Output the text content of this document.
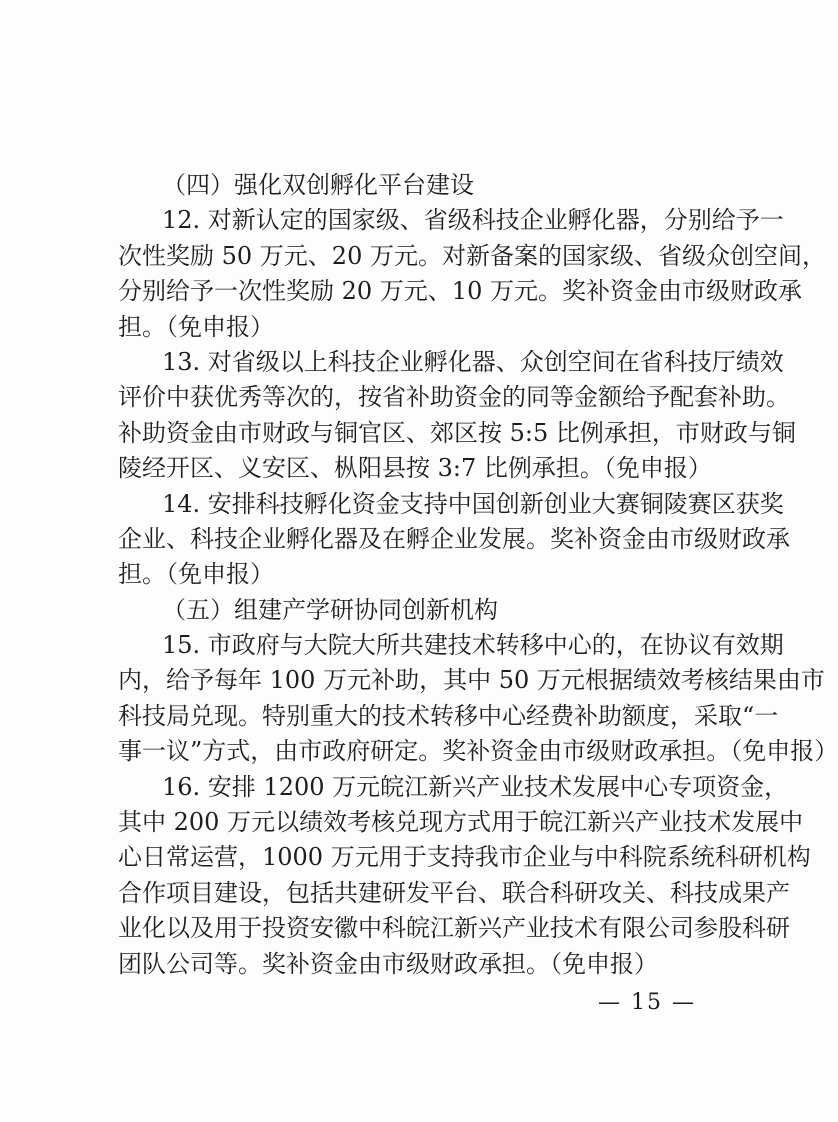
（四）强化双创孵化平台建设
12. 对新认定的国家级、省级科技企业孵化器，分别给予一
次性奖励 50 万元、20 万元。对新备案的国家级、省级众创空间，
分别给予一次性奖励 20 万元、10 万元。奖补资金由市级财政承
担。（免申报）
13. 对省级以上科技企业孵化器、众创空间在省科技厅绩效
评价中获优秀等次的，按省补助资金的同等金额给予配套补助。
补助资金由市财政与铜官区、郊区按 5:5 比例承担，市财政与铜
陵经开区、义安区、枞阳县按 3:7 比例承担。（免申报）
14. 安排科技孵化资金支持中国创新创业大赛铜陵赛区获奖
企业、科技企业孵化器及在孵企业发展。奖补资金由市级财政承
担。（免申报）
（五）组建产学研协同创新机构
15. 市政府与大院大所共建技术转移中心的，在协议有效期
内，给予每年 100 万元补助，其中 50 万元根据绩效考核结果由市
科技局兑现。特别重大的技术转移中心经费补助额度，采取“一
事一议”方式，由市政府研定。奖补资金由市级财政承担。（免申报）
16. 安排 1200 万元皖江新兴产业技术发展中心专项资金，
其中 200 万元以绩效考核兑现方式用于皖江新兴产业技术发展中
心日常运营，1000 万元用于支持我市企业与中科院系统科研机构
合作项目建设，包括共建研发平台、联合科研攻关、科技成果产
业化以及用于投资安徽中科皖江新兴产业技术有限公司参股科研
团队公司等。奖补资金由市级财政承担。（免申报）
— 15 —
